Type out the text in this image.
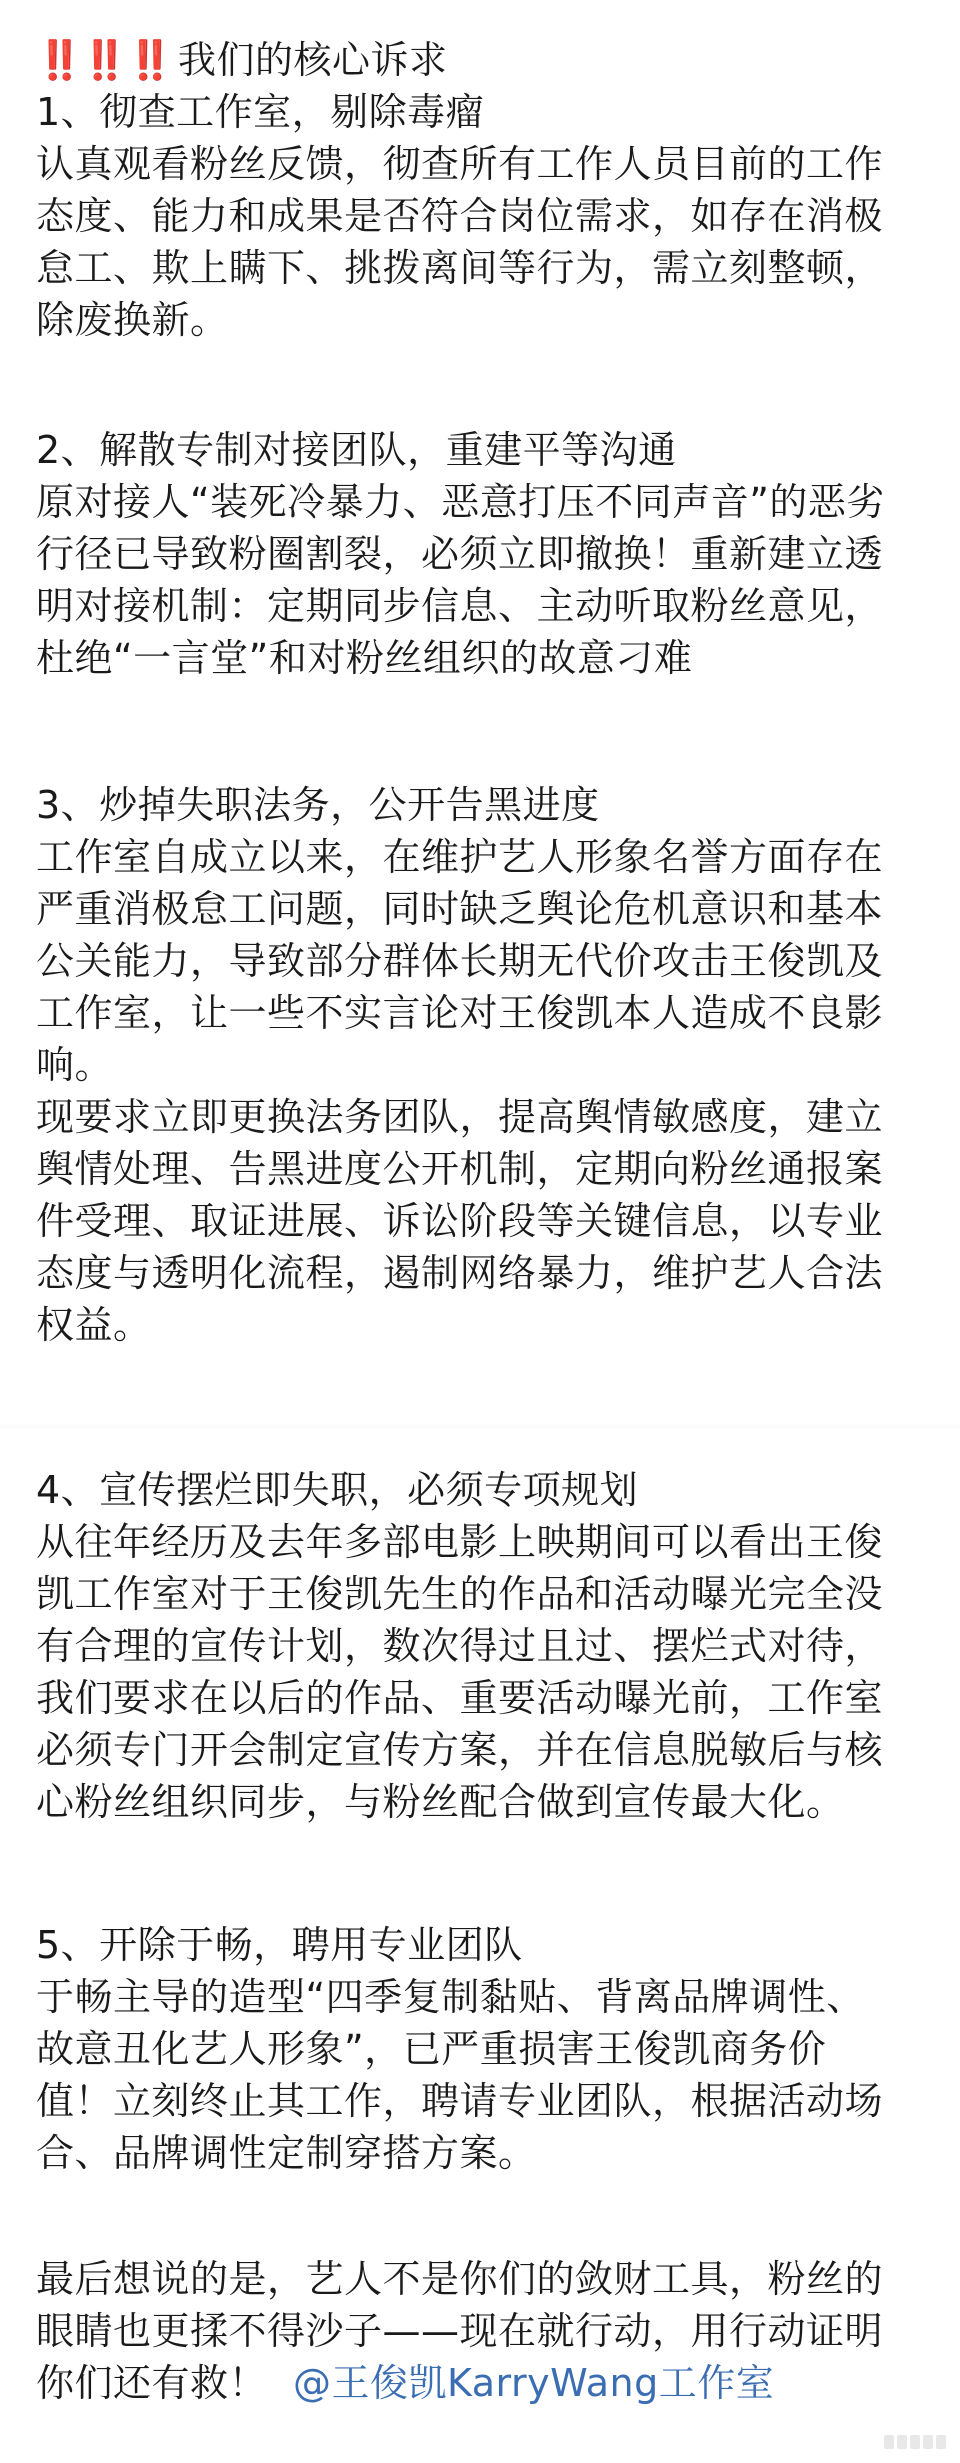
‼️‼️‼️ 我们的核心诉求
1、彻查工作室，剔除毒瘤
认真观看粉丝反馈，彻查所有工作人员目前的工作
态度、能力和成果是否符合岗位需求，如存在消极
怠工、欺上瞒下、挑拨离间等行为，需立刻整顿，
除废换新。
2、解散专制对接团队，重建平等沟通
原对接人“装死冷暴力、恶意打压不同声音”的恶劣
行径已导致粉圈割裂，必须立即撤换！重新建立透
明对接机制：定期同步信息、主动听取粉丝意见，
杜绝“一言堂”和对粉丝组织的故意刁难
3、炒掉失职法务，公开告黑进度
工作室自成立以来，在维护艺人形象名誉方面存在
严重消极怠工问题，同时缺乏舆论危机意识和基本
公关能力，导致部分群体长期无代价攻击王俊凯及
工作室，让一些不实言论对王俊凯本人造成不良影
响。
现要求立即更换法务团队，提高舆情敏感度，建立
舆情处理、告黑进度公开机制，定期向粉丝通报案
件受理、取证进展、诉讼阶段等关键信息，以专业
态度与透明化流程，遏制网络暴力，维护艺人合法
权益。
4、宣传摆烂即失职，必须专项规划
从往年经历及去年多部电影上映期间可以看出王俊
凯工作室对于王俊凯先生的作品和活动曝光完全没
有合理的宣传计划，数次得过且过、摆烂式对待，
我们要求在以后的作品、重要活动曝光前，工作室
必须专门开会制定宣传方案，并在信息脱敏后与核
心粉丝组织同步，与粉丝配合做到宣传最大化。
5、开除于畅，聘用专业团队
于畅主导的造型“四季复制黏贴、背离品牌调性、
故意丑化艺人形象”，已严重损害王俊凯商务价
值！立刻终止其工作，聘请专业团队，根据活动场
合、品牌调性定制穿搭方案。
最后想说的是，艺人不是你们的敛财工具，粉丝的
眼睛也更揉不得沙子——现在就行动，用行动证明
你们还有救！ @王俊凯KarryWang工作室
